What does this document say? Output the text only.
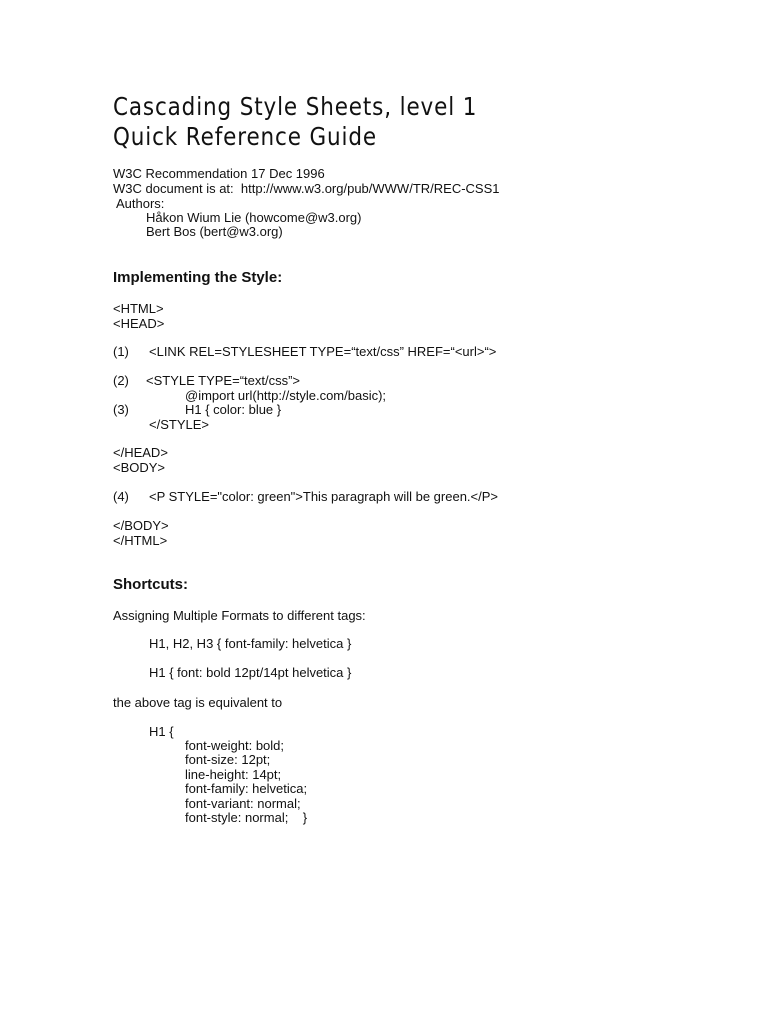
Cascading Style Sheets, level 1
Quick Reference Guide
W3C Recommendation 17 Dec 1996
W3C document is at:  http://www.w3.org/pub/WWW/TR/REC-CSS1
Authors:
Håkon Wium Lie (howcome@w3.org)
Bert Bos (bert@w3.org)
Implementing the Style:
<HTML>
<HEAD>
(1) <LINK REL=STYLESHEET TYPE=“text/css” HREF=“<url>“>
(2) <STYLE TYPE=“text/css”>
@import url(http://style.com/basic);
(3)	H1 { color: blue }
</STYLE>
</HEAD>
<BODY>
(4) <P STYLE="color: green">This paragraph will be green.</P>
</BODY>
</HTML>
Shortcuts:
Assigning Multiple Formats to different tags:
H1, H2, H3 { font-family: helvetica }
H1 { font: bold 12pt/14pt helvetica }
the above tag is equivalent to
H1 {
font-weight: bold;
font-size: 12pt;
line-height: 14pt;
font-family: helvetica;
font-variant: normal;
font-style: normal;    }
